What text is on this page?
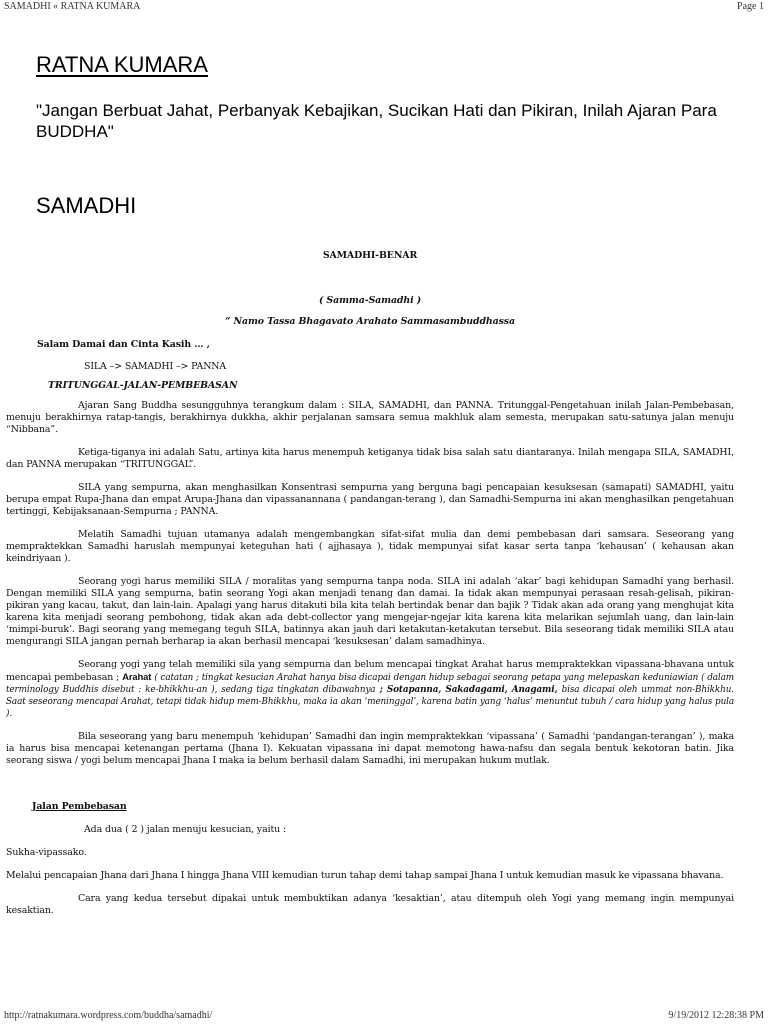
SAMADHI « RATNA KUMARA	Page 1
RATNA KUMARA

"Jangan Berbuat Jahat, Perbanyak Kebajikan, Sucikan Hati dan Pikiran, Inilah Ajaran Para BUDDHA"

SAMADHI
SAMADHI-BENAR
( Samma-Samadhi )
“ Namo Tassa Bhagavato Arahato Sammasambuddhassa

Salam Damai dan Cinta Kasih … ,

SILA –> SAMADHI –> PANNA

TRITUNGGAL-JALAN-PEMBEBASAN

Ajaran Sang Buddha sesungguhnya terangkum dalam : SILA, SAMADHI, dan PANNA. Tritunggal-Pengetahuan inilah Jalan-Pembebasan, menuju berakhirnya ratap-tangis, berakhirnya dukkha, akhir perjalanan samsara semua makhluk alam semesta, merupakan satu-satunya jalan menuju “Nibbana”.

Ketiga-tiganya ini adalah Satu, artinya kita harus menempuh ketiganya tidak bisa salah satu diantaranya. Inilah mengapa SILA, SAMADHI, dan PANNA merupakan “TRITUNGGAL”.

SILA yang sempurna, akan menghasilkan Konsentrasi sempurna yang berguna bagi pencapaian kesuksesan (samapati) SAMADHI, yaitu berupa empat Rupa-Jhana dan empat Arupa-Jhana dan vipassanannana ( pandangan-terang ), dan Samadhi-Sempurna ini akan menghasilkan pengetahuan tertinggi, Kebijaksanaan-Sempurna ; PANNA.

Melatih Samadhi tujuan utamanya adalah mengembangkan sifat-sifat mulia dan demi pembebasan dari samsara. Seseorang yang mempraktekkan Samadhi haruslah mempunyai keteguhan hati ( ajjhasaya ), tidak mempunyai sifat kasar serta tanpa ‘kehausan’ ( kehausan akan keindriyaan ).

Seorang yogi harus memiliki SILA / moralitas yang sempurna tanpa noda. SILA ini adalah ‘akar’ bagi kehidupan Samadhi yang berhasil. Dengan memiliki SILA yang sempurna, batin seorang Yogi akan menjadi tenang dan damai. Ia tidak akan mempunyai perasaan resah-gelisah, pikiran-pikiran yang kacau, takut, dan lain-lain. Apalagi yang harus ditakuti bila kita telah bertindak benar dan bajik ? Tidak akan ada orang yang menghujat kita karena kita menjadi seorang pembohong, tidak akan ada debt-collector yang mengejar-ngejar kita karena kita melarikan sejumlah uang, dan lain-lain ‘mimpi-buruk’. Bagi seorang yang memegang teguh SILA, batinnya akan jauh dari ketakutan-ketakutan tersebut. Bila seseorang tidak memiliki SILA atau mengurangi SILA jangan pernah berharap ia akan berhasil mencapai ‘kesuksesan’ dalam samadhinya.

Seorang yogi yang telah memiliki sila yang sempurna dan belum mencapai tingkat Arahat harus mempraktekkan vipassana-bhavana untuk mencapai pembebasan ; Arahat ( catatan ; tingkat kesucian Arahat hanya bisa dicapai dengan hidup sebagai seorang petapa yang melepaskan keduniawian ( dalam terminology Buddhis disebut : ke-bhikkhu-an ), sedang tiga tingkatan dibawahnya ; Sotapanna, Sakadagami, Anagami, bisa dicapai oleh ummat non-Bhikkhu. Saat seseorang mencapai Arahat, tetapi tidak hidup mem-Bhikkhu, maka ia akan ‘meninggal’, karena batin yang ‘halus’ menuntut tubuh / cara hidup yang halus pula ).

Bila seseorang yang baru menempuh ‘kehidupan’ Samadhi dan ingin mempraktekkan ‘vipassana’ ( Samadhi ‘pandangan-terangan’ ), maka ia harus bisa mencapai ketenangan pertama (Jhana I). Kekuatan vipassana ini dapat memotong hawa-nafsu dan segala bentuk kekotoran batin. Jika seorang siswa / yogi belum mencapai Jhana I maka ia belum berhasil dalam Samadhi, ini merupakan hukum mutlak.

Jalan Pembebasan

Ada dua ( 2 ) jalan menuju kesucian, yaitu :

Sukha-vipassako.

Melalui pencapaian Jhana dari Jhana I hingga Jhana VIII kemudian turun tahap demi tahap sampai Jhana I untuk kemudian masuk ke vipassana bhavana.

Cara yang kedua tersebut dipakai untuk membuktikan adanya ‘kesaktian’, atau ditempuh oleh Yogi yang memang ingin mempunyai kesaktian.

http://ratnakumara.wordpress.com/buddha/samadhi/	9/19/2012 12:28:38 PM
